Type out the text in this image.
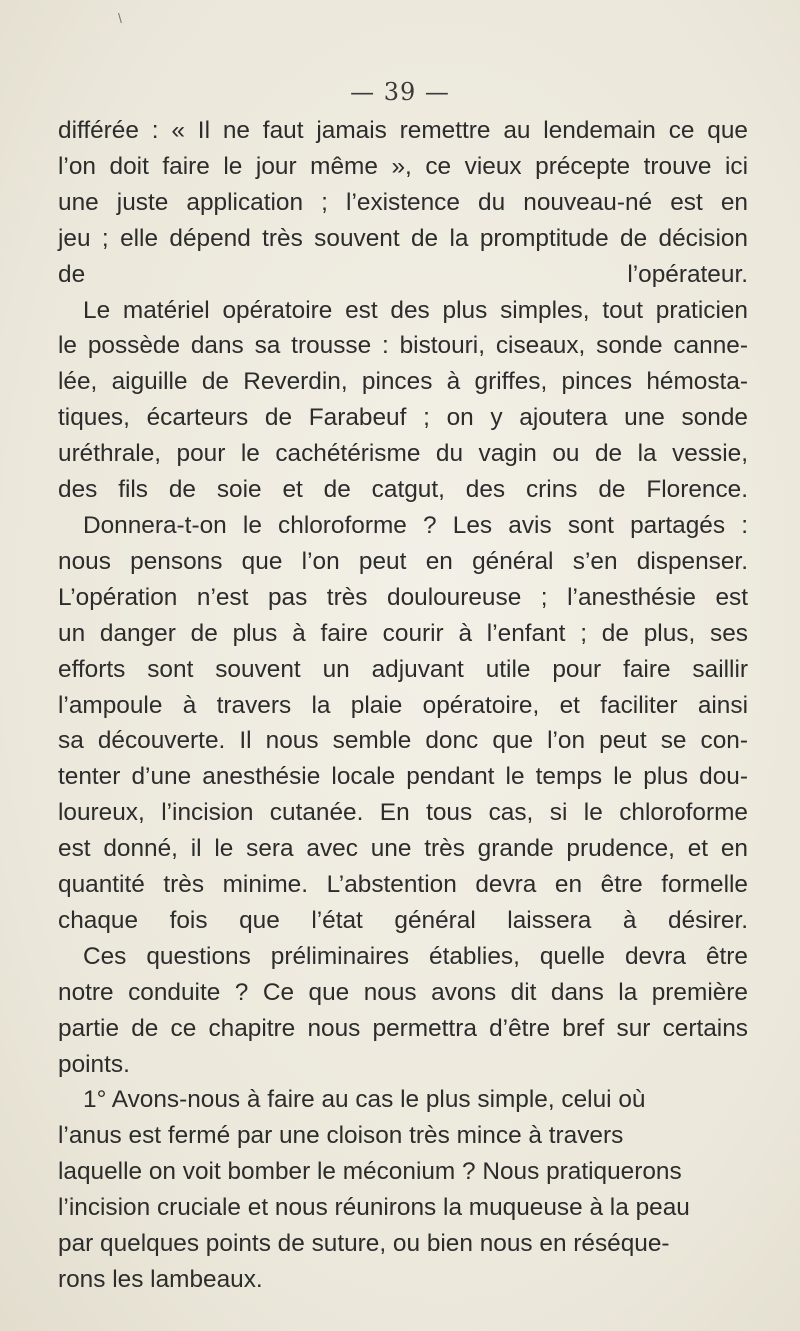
\
— 39 —

différée : « Il ne faut jamais remettre au lendemain ce que
l’on doit faire le jour même », ce vieux précepte trouve ici
une juste application ; l’existence du nouveau-né est en
jeu ; elle dépend très souvent de la promptitude de décision
de l’opérateur.

Le matériel opératoire est des plus simples, tout praticien
le possède dans sa trousse : bistouri, ciseaux, sonde canne-
lée, aiguille de Reverdin, pinces à griffes, pinces hémosta-
tiques, écarteurs de Farabeuf ; on y ajoutera une sonde
uréthrale, pour le cachétérisme du vagin ou de la vessie,
des fils de soie et de catgut, des crins de Florence.

Donnera-t-on le chloroforme ? Les avis sont partagés :
nous pensons que l’on peut en général s’en dispenser.
L’opération n’est pas très douloureuse ; l’anesthésie est
un danger de plus à faire courir à l’enfant ; de plus, ses
efforts sont souvent un adjuvant utile pour faire saillir
l’ampoule à travers la plaie opératoire, et faciliter ainsi
sa découverte. Il nous semble donc que l’on peut se con-
tenter d’une anesthésie locale pendant le temps le plus dou-
loureux, l’incision cutanée. En tous cas, si le chloroforme
est donné, il le sera avec une très grande prudence, et en
quantité très minime. L’abstention devra en être formelle
chaque fois que l’état général laissera à désirer.

Ces questions préliminaires établies, quelle devra être
notre conduite ? Ce que nous avons dit dans la première
partie de ce chapitre nous permettra d’être bref sur certains
points.

1° Avons-nous à faire au cas le plus simple, celui où
l’anus est fermé par une cloison très mince à travers
laquelle on voit bomber le méconium ? Nous pratiquerons
l’incision cruciale et nous réunirons la muqueuse à la peau
par quelques points de suture, ou bien nous en réséque-
rons les lambeaux.
